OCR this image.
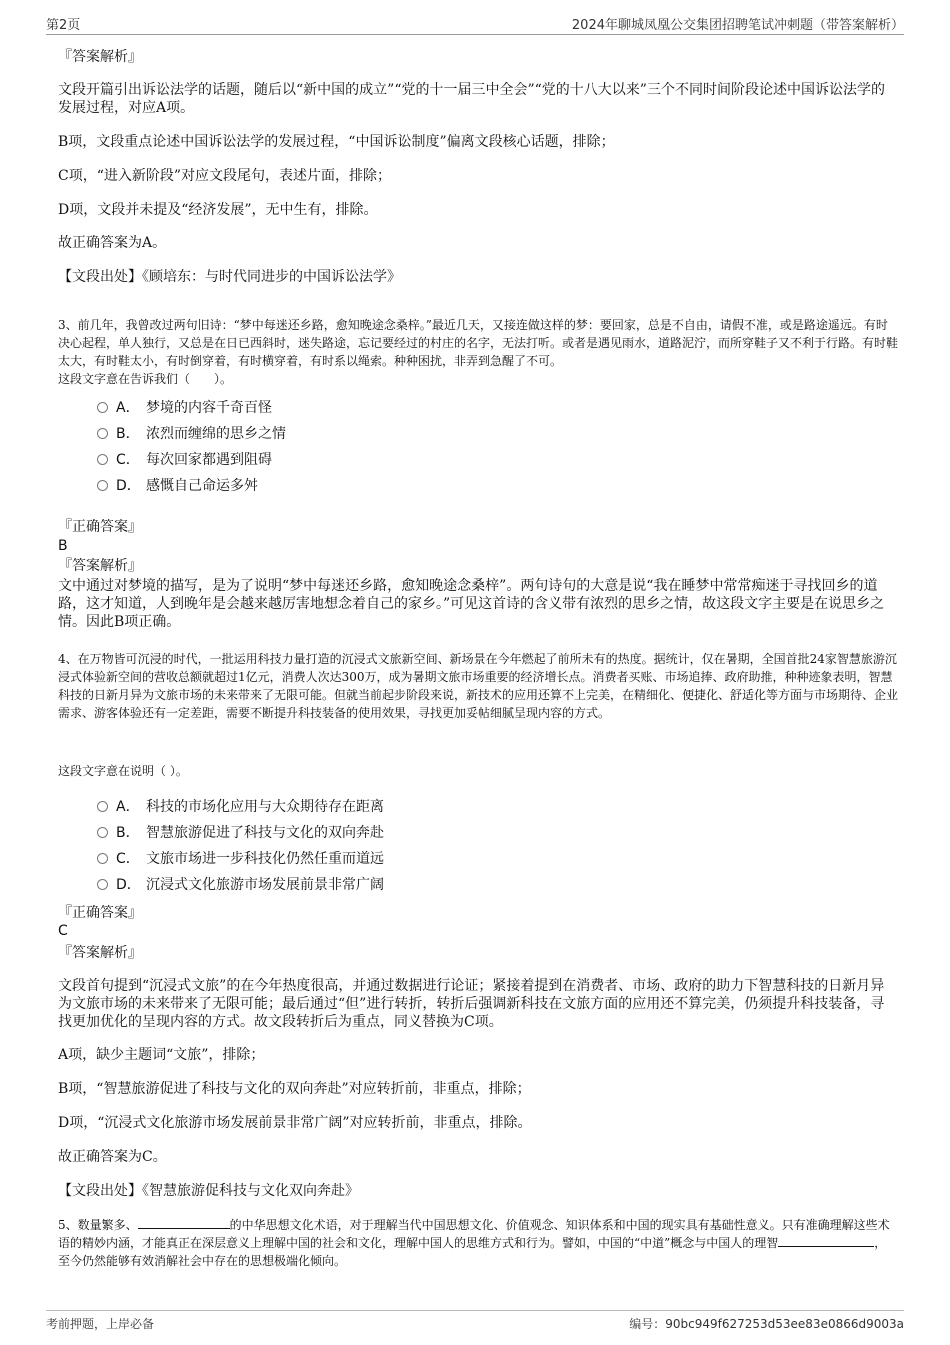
第2页	2024年聊城凤凰公交集团招聘笔试冲刺题（带答案解析）
『答案解析』
文段开篇引出诉讼法学的话题，随后以“新中国的成立”“党的十一届三中全会”“党的十八大以来”三个不同时间阶段论述中国诉讼法学的发展过程，对应A项。
B项，文段重点论述中国诉讼法学的发展过程，“中国诉讼制度”偏离文段核心话题，排除；
C项，“进入新阶段”对应文段尾句，表述片面，排除；
D项，文段并未提及“经济发展”，无中生有，排除。
故正确答案为A。
【文段出处】《顾培东：与时代同进步的中国诉讼法学》
3、前几年，我曾改过两句旧诗：“梦中每迷还乡路，愈知晚途念桑梓。”最近几天，又接连做这样的梦：要回家，总是不自由，请假不准，或是路途遥远。有时决心起程，单人独行，又总是在日已西斜时，迷失路途，忘记要经过的村庄的名字，无法打听。或者是遇见雨水，道路泥泞，而所穿鞋子又不利于行路。有时鞋太大，有时鞋太小，有时倒穿着，有时横穿着，有时系以绳索。种种困扰，非弄到急醒了不可。
这段文字意在告诉我们（　　）。
A． 梦境的内容千奇百怪
B． 浓烈而缠绵的思乡之情
C． 每次回家都遇到阻碍
D． 感慨自己命运多舛
『正确答案』
B
『答案解析』
文中通过对梦境的描写，是为了说明“梦中每迷还乡路，愈知晚途念桑梓”。两句诗句的大意是说“我在睡梦中常常痴迷于寻找回乡的道路，这才知道，人到晚年是会越来越厉害地想念着自己的家乡。”可见这首诗的含义带有浓烈的思乡之情，故这段文字主要是在说思乡之情。因此B项正确。
4、在万物皆可沉浸的时代，一批运用科技力量打造的沉浸式文旅新空间、新场景在今年燃起了前所未有的热度。据统计，仅在暑期，全国首批24家智慧旅游沉浸式体验新空间的营收总额就超过1亿元，消费人次达300万，成为暑期文旅市场重要的经济增长点。消费者买账、市场追捧、政府助推，种种迹象表明，智慧科技的日新月异为文旅市场的未来带来了无限可能。但就当前起步阶段来说，新技术的应用还算不上完美，在精细化、便捷化、舒适化等方面与市场期待、企业需求、游客体验还有一定差距，需要不断提升科技装备的使用效果，寻找更加妥帖细腻呈现内容的方式。
这段文字意在说明（ ）。
A． 科技的市场化应用与大众期待存在距离
B． 智慧旅游促进了科技与文化的双向奔赴
C． 文旅市场进一步科技化仍然任重而道远
D． 沉浸式文化旅游市场发展前景非常广阔
『正确答案』
C
『答案解析』
文段首句提到“沉浸式文旅”的在今年热度很高，并通过数据进行论证；紧接着提到在消费者、市场、政府的助力下智慧科技的日新月异为文旅市场的未来带来了无限可能；最后通过“但”进行转折，转折后强调新科技在文旅方面的应用还不算完美，仍须提升科技装备，寻找更加优化的呈现内容的方式。故文段转折后为重点，同义替换为C项。
A项，缺少主题词“文旅”，排除；
B项，“智慧旅游促进了科技与文化的双向奔赴”对应转折前，非重点，排除；
D项，“沉浸式文化旅游市场发展前景非常广阔”对应转折前，非重点，排除。
故正确答案为C。
【文段出处】《智慧旅游促科技与文化双向奔赴》
5、数量繁多、	的中华思想文化术语，对于理解当代中国思想文化、价值观念、知识体系和中国的现实具有基础性意义。只有准确理解这些术语的精妙内涵，才能真正在深层意义上理解中国的社会和文化，理解中国人的思维方式和行为。譬如，中国的“中道”概念与中国人的理智	，至今仍然能够有效消解社会中存在的思想极端化倾向。
考前押题，上岸必备	编号：90bc949f627253d53ee83e0866d9003a
